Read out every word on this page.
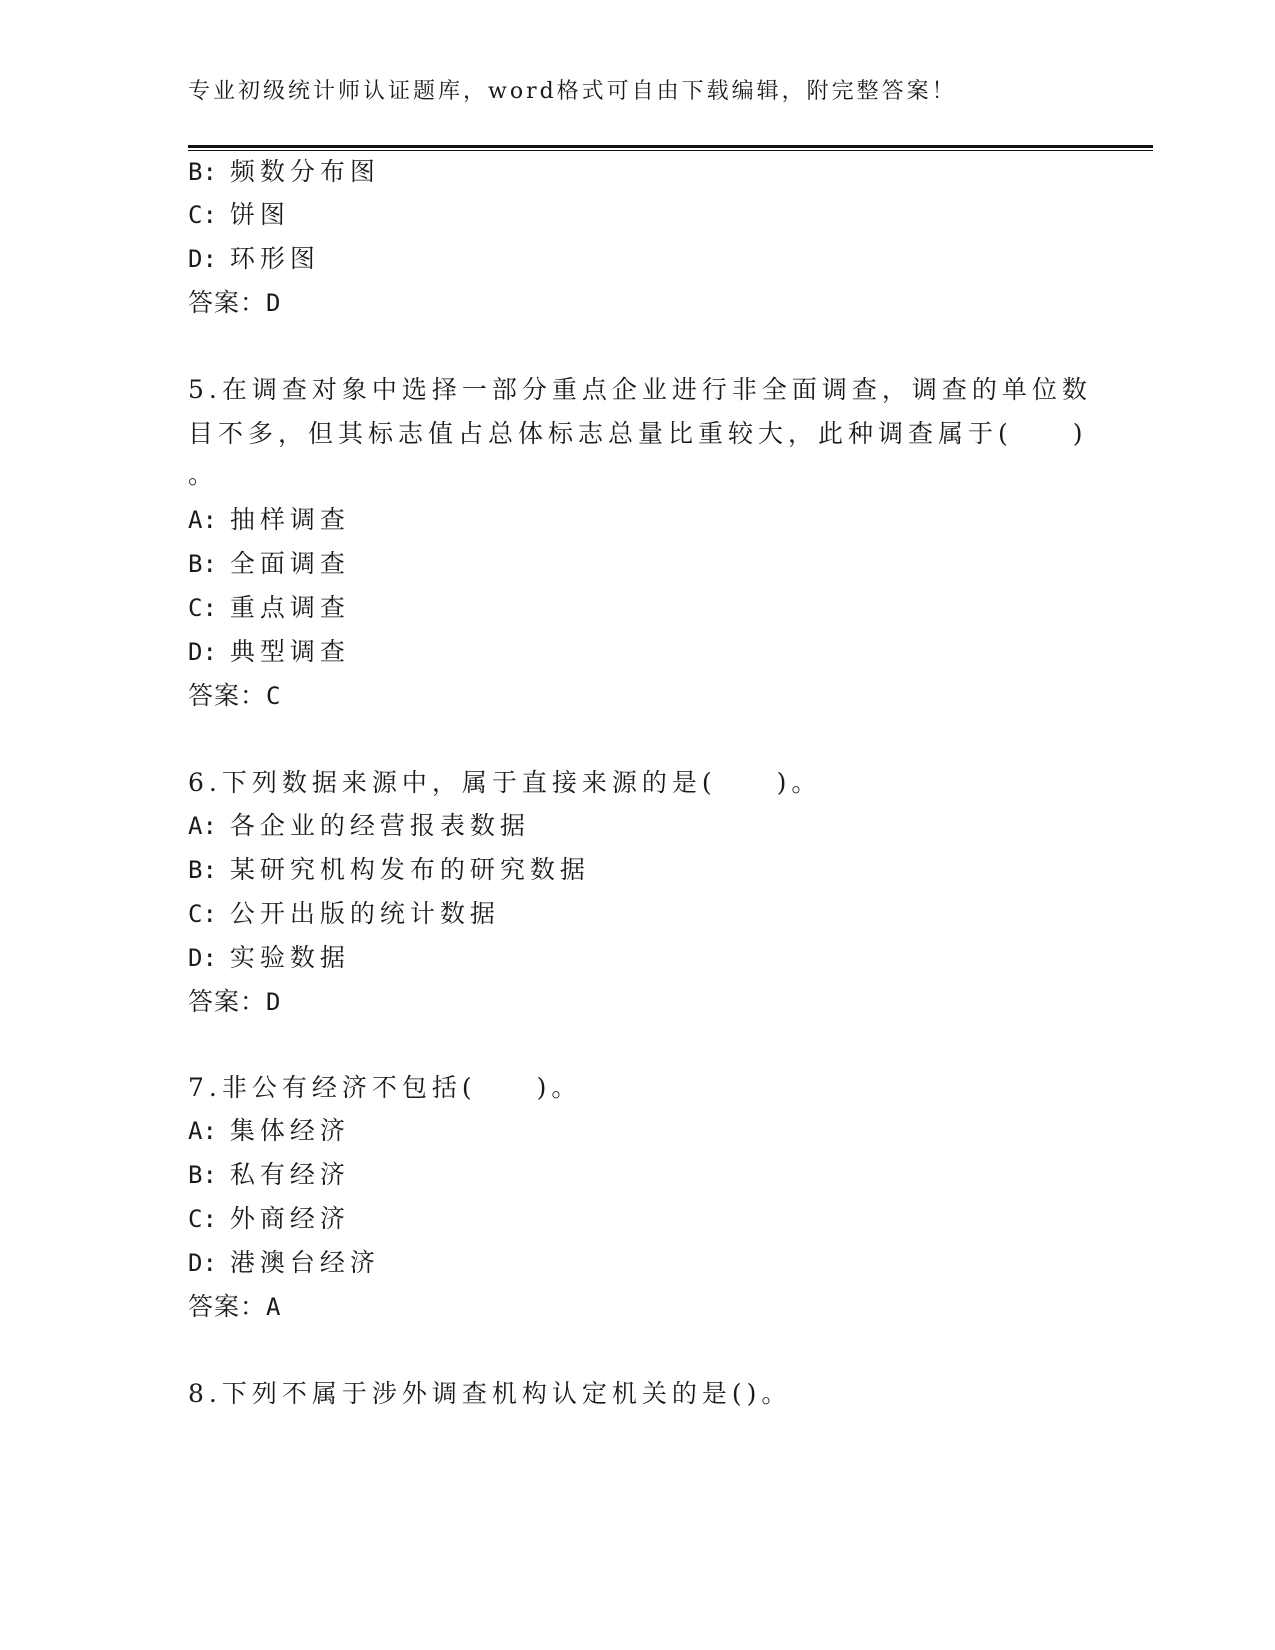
专业初级统计师认证题库，word格式可自由下载编辑，附完整答案！
B: 频数分布图
C: 饼图
D: 环形图
答案：D
5.在调查对象中选择一部分重点企业进行非全面调查，调查的单位数
目不多，但其标志值占总体标志总量比重较大，此种调查属于(　　)
。
A: 抽样调查
B: 全面调查
C: 重点调查
D: 典型调查
答案：C
6.下列数据来源中，属于直接来源的是(　　)。
A: 各企业的经营报表数据
B: 某研究机构发布的研究数据
C: 公开出版的统计数据
D: 实验数据
答案：D
7.非公有经济不包括(　　)。
A: 集体经济
B: 私有经济
C: 外商经济
D: 港澳台经济
答案：A
8.下列不属于涉外调查机构认定机关的是()。
